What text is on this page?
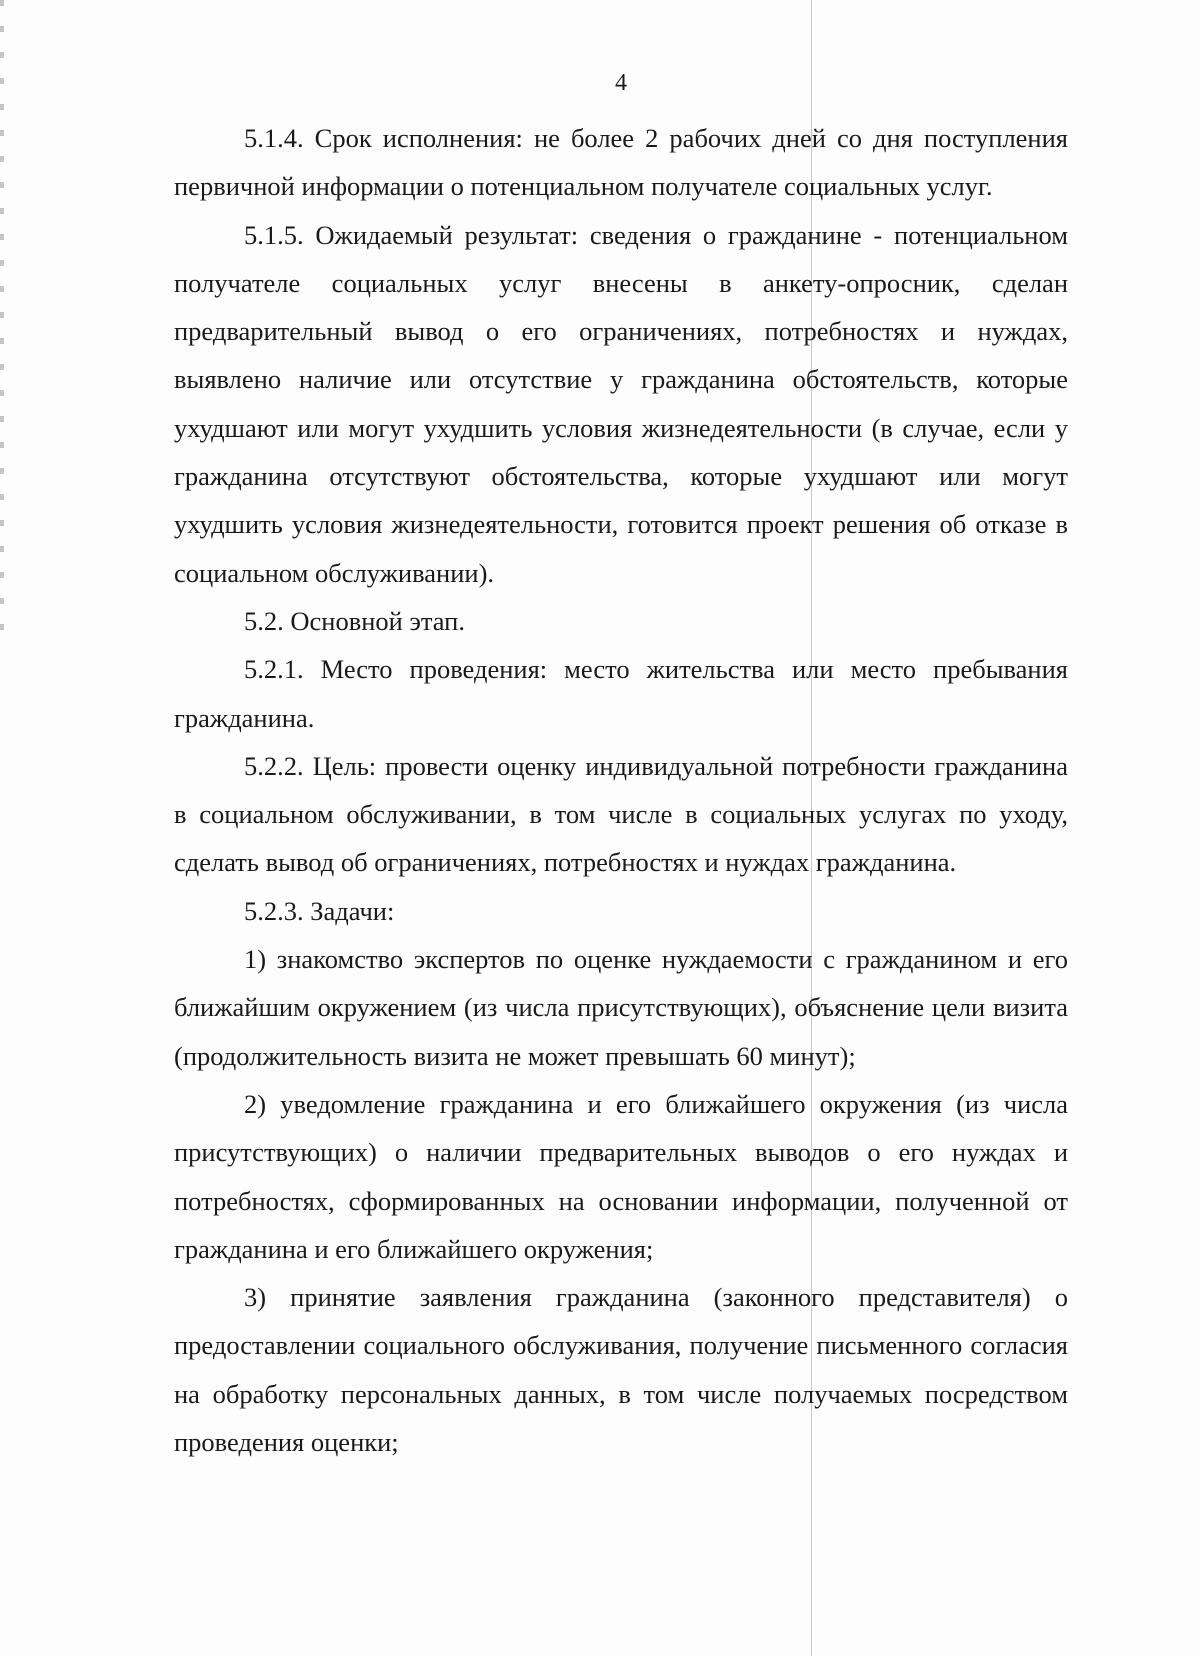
4

5.1.4. Срок исполнения: не более 2 рабочих дней со дня поступления первичной информации о потенциальном получателе социальных услуг.

5.1.5. Ожидаемый результат: сведения о гражданине - потенциальном получателе социальных услуг внесены в анкету-опросник, сделан предварительный вывод о его ограничениях, потребностях и нуждах, выявлено наличие или отсутствие у гражданина обстоятельств, которые ухудшают или могут ухудшить условия жизнедеятельности (в случае, если у гражданина отсутствуют обстоятельства, которые ухудшают или могут ухудшить условия жизнедеятельности, готовится проект решения об отказе в социальном обслуживании).

5.2. Основной этап.

5.2.1. Место проведения: место жительства или место пребывания гражданина.

5.2.2. Цель: провести оценку индивидуальной потребности гражданина в социальном обслуживании, в том числе в социальных услугах по уходу, сделать вывод об ограничениях, потребностях и нуждах гражданина.

5.2.3. Задачи:

1) знакомство экспертов по оценке нуждаемости с гражданином и его ближайшим окружением (из числа присутствующих), объяснение цели визита (продолжительность визита не может превышать 60 минут);

2) уведомление гражданина и его ближайшего окружения (из числа присутствующих) о наличии предварительных выводов о его нуждах и потребностях, сформированных на основании информации, полученной от гражданина и его ближайшего окружения;

3) принятие заявления гражданина (законного представителя) о предоставлении социального обслуживания, получение письменного согласия на обработку персональных данных, в том числе получаемых посредством проведения оценки;
